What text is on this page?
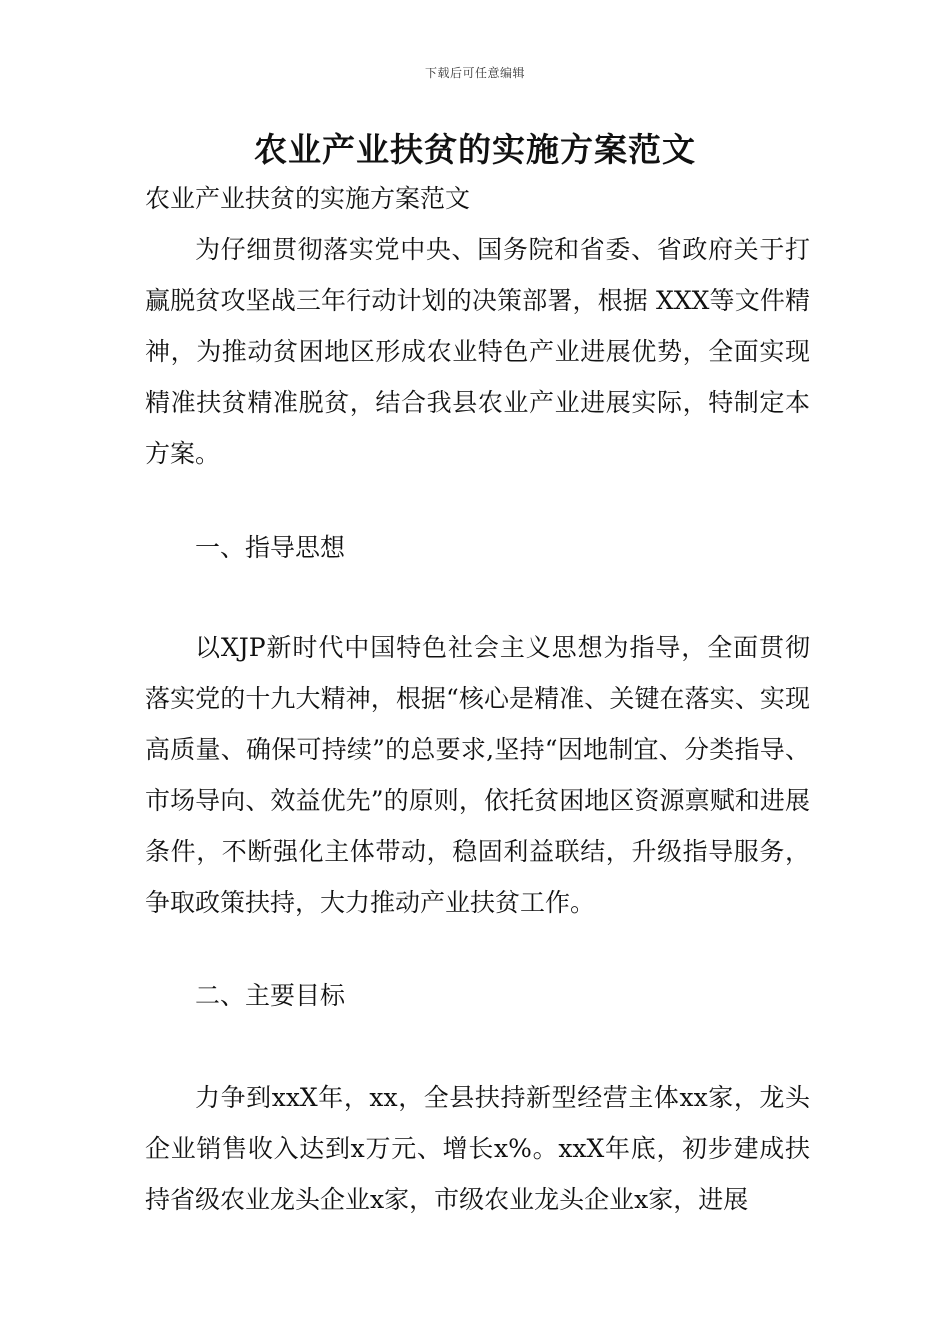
下载后可任意编辑
农业产业扶贫的实施方案范文
农业产业扶贫的实施方案范文

为仔细贯彻落实党中央、国务院和省委、省政府关于打赢脱贫攻坚战三年行动计划的决策部署，根据 XXX等文件精神，为推动贫困地区形成农业特色产业进展优势，全面实现精准扶贫精准脱贫，结合我县农业产业进展实际，特制定本方案。

一、指导思想

以XJP新时代中国特色社会主义思想为指导，全面贯彻落实党的十九大精神，根据“核心是精准、关键在落实、实现高质量、确保可持续”的总要求,坚持“因地制宜、分类指导、市场导向、效益优先”的原则，依托贫困地区资源禀赋和进展条件，不断强化主体带动，稳固利益联结，升级指导服务，争取政策扶持，大力推动产业扶贫工作。

二、主要目标

力争到xxX年，xx，全县扶持新型经营主体xx家，龙头企业销售收入达到x万元、增长x%。xxX年底，初步建成扶持省级农业龙头企业x家，市级农业龙头企业x家，进展
